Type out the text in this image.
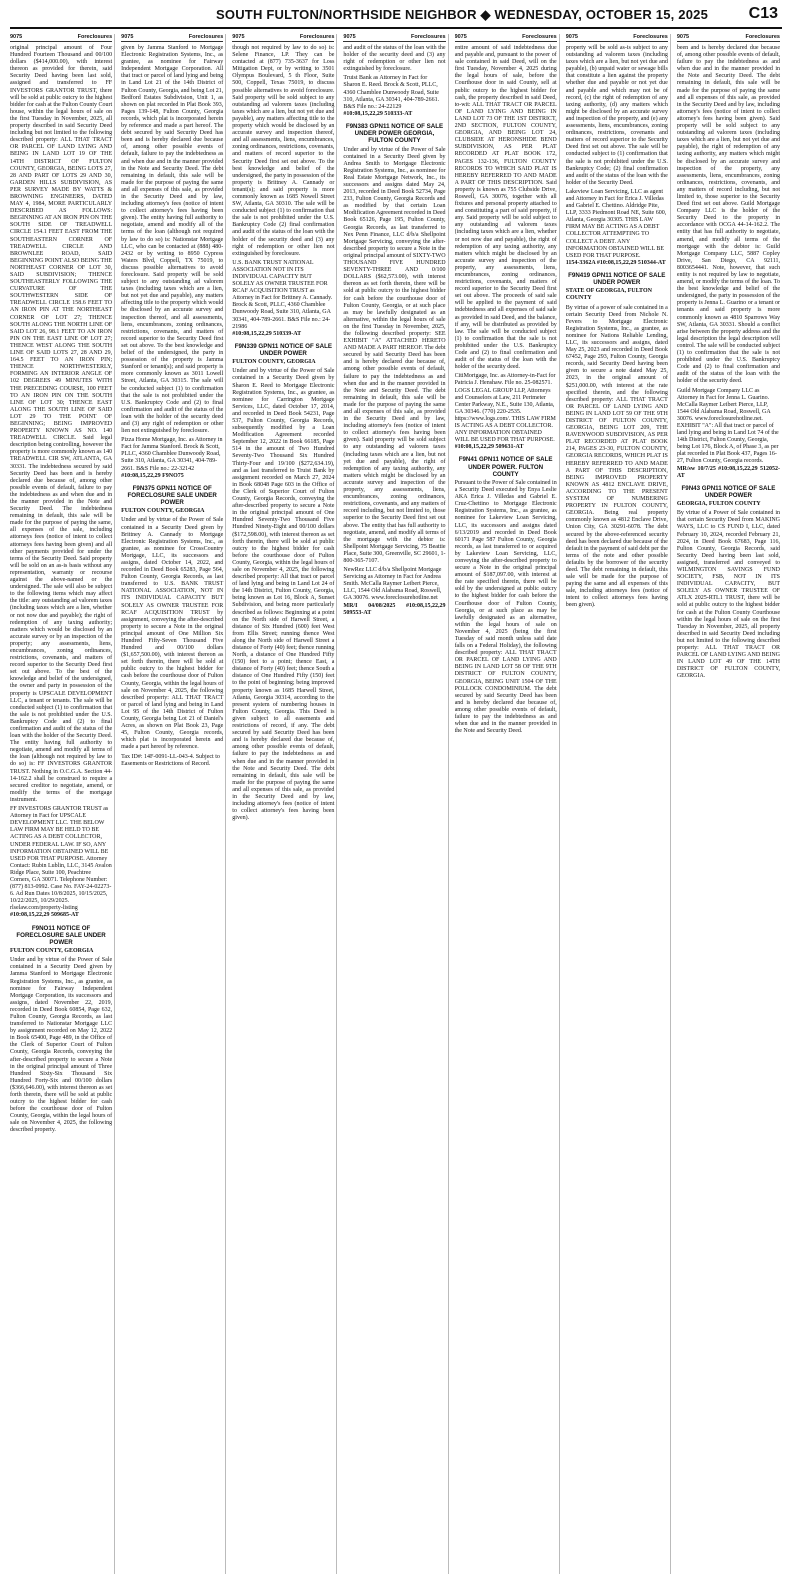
SOUTH FULTON/NORTHSIDE NEIGHBOR ◆ WEDNESDAY, OCTOBER 15, 2025	C13
9075	Foreclosures
original principal amount of Four Hundred Fourteen Thousand and 00/100 dollars ($414,000.00), with interest thereon as provided for therein, said Security Deed having been last sold, assigned and transferred to FF INVESTORS GRANTOR TRUST, there will be sold at public outcry to the highest bidder for cash at the Fulton County Court house, within the legal hours of sale on the first Tuesday in November, 2025, all property described in said Security Deed including but not limited to the following described property: ALL THAT TRACT OR PARCEL OF LAND LYING AND BEING IN LAND LOT 19 OF THE 14TH DISTRICT OF FULTON COUNTY, GEORGIA, BEING LOTS 27, 28 AND PART OF LOTS 29 AND 30, GARDEN HILLS SUBDIVISION, AS PER SURVEY MADE BY WATTS & BROWNING ENGINEERS, DATED MAY 4, 1984, MORE PARTICULARLY DESCRIBED AS FOLLOWS: BEGINNING AT AN IRON PIN ON THE SOUTH SIDE OF TREADWELL CIRCLE 154.1 FEET EAST FROM THE SOUTHEASTERN CORNER OF TREADWELL CIRCLE AND BROWNLEE ROAD, SAID BEGINNING POINT ALSO BEING THE NORTHEAST CORNER OF LOT 30, SAID SUBDIVISION; THENCE SOUTHEASTERLY FOLLOWING THE CURVATURE OF THE SOUTHWESTERN SIDE OF TREADWELL CIRCLE 158.6 FEET TO AN IRON PIN AT THE NORTHEAST CORNER OF LOT 27; THENCE SOUTH ALONG THE NORTH LINE OF SAID LOT 26, 98.1 FEET TO AN IRON PIN ON THE EAST LINE OF LOT 27; THENCE WEST ALONG THE SOUTH LINE OF SAID LOTS 27, 28 AND 29, 164.5 FEET TO AN IRON PIN; THENCE NORTHWESTERLY, FORMING AN INTERIOR ANGLE OF 102 DEGREES 49 MINUTES WITH THE PRECEDING COURSE, 100 FEET TO AN IRON PIN ON THE SOUTH LINE OF LOT 30; THENCE EAST ALONG THE SOUTH LINE OF SAID LOT 29 TO THE POINT OF BEGINNING; BEING IMPROVED PROPERTY KNOWN AS NO. 140 TREADWELL CIRCLE. Said legal description being controlling, however the property is more commonly known as 140 TREADWELL CIR SW, ATLANTA, GA 30331. The indebtedness secured by said Security Deed has been and is hereby declared due because of, among other possible events of default, failure to pay the indebtedness as and when due and in the manner provided in the Note and Security Deed. The indebtedness remaining in default, this sale will be made for the purpose of paying the same, all expenses of the sale, including attorneys fees (notice of intent to collect attorneys fees having been given) and all other payments provided for under the terms of the Security Deed. Said property will be sold on an as-is basis without any representation, warranty or recourse against the above-named or the undersigned. The sale will also be subject to the following items which may affect the title: any outstanding ad valorem taxes (including taxes which are a lien, whether or not now due and payable); the right of redemption of any taxing authority; matters which would be disclosed by an accurate survey or by an inspection of the property; any assessments, liens, encumbrances, zoning ordinances, restrictions, covenants, and matters of record superior to the Security Deed first set out above. To the best of the knowledge and belief of the undersigned, the owner and party in possession of the property is UPSCALE DEVELOPMENT LLC, a tenant or tenants. The sale will be conducted subject (1) to confirmation that the sale is not prohibited under the U.S. Bankruptcy Code and (2) to final confirmation and audit of the status of the loan with the holder of the Security Deed. The entity having full authority to negotiate, amend and modify all terms of the loan (although not required by law to do so) is: FF INVESTORS GRANTOR TRUST. Nothing in O.C.G.A. Section 44-14-162.2 shall be construed to require a secured creditor to negotiate, amend, or modify the terms of the mortgage instrument.
FF INVESTORS GRANTOR TRUST as Attorney in Fact for UPSCALE DEVELOPMENT LLC. THE BELOW LAW FIRM MAY BE HELD TO BE ACTING AS A DEBT COLLECTOR, UNDER FEDERAL LAW. IF SO, ANY INFORMATION OBTAINED WILL BE USED FOR THAT PURPOSE. Attorney Contact: Rubin Lublin, LLC, 3145 Avalon Ridge Place, Suite 100, Peachtree Corners, GA 30071. Telephone Number: (877) 813-0992. Case No. FAY-24-02273-6. Ad Run Dates 10/8/2025, 10/15/2025, 10/22/2025, 10/29/2025. rlselaw.com/property-listing
#10:08,15,22,29 509685-AT
F9NO11 NOTICE OF FORECLOSURE SALE UNDER POWER
FULTON COUNTY, GEORGIA
Under and by virtue of the Power of Sale contained in a Security Deed given by Jamma Stanford to Mortgage Electronic Registration Systems, Inc., as grantee, as nominee for Fairway Independent Mortgage Corporation, its successors and assigns, dated November 22, 2019, recorded in Deed Book 60854, Page 632, Fulton County, Georgia Records, as last transferred to Nationstar Mortgage LLC by assignment recorded on May 12, 2022 in Book 65400, Page 489, in the Office of the Clerk of Superior Court of Fulton County, Georgia Records, conveying the after-described property to secure a Note in the original principal amount of Three Hundred Sixty-Six Thousand Six Hundred Forty-Six and 00/100 dollars ($366,646.00), with interest thereon as set forth therein, there will be sold at public outcry to the highest bidder for cash before the courthouse door of Fulton County, Georgia, within the legal hours of sale on November 4, 2025, the following described property.
9075	Foreclosures
given by Jamma Stanford to Mortgage Electronic Registration Systems, Inc., as grantee, as nominee for Fairway Independent Mortgage Corporation. All that tract or parcel of land lying and being in Land Lot 21 of the 14th District of Fulton County, Georgia, and being Lot 21, Bedford Estates Subdivision, Unit 1, as shown on plat recorded in Plat Book 393, Pages 139-148, Fulton County, Georgia records, which plat is incorporated herein by reference and made a part hereof. The debt secured by said Security Deed has been and is hereby declared due because of, among other possible events of default, failure to pay the indebtedness as and when due and in the manner provided in the Note and Security Deed. The debt remaining in default, this sale will be made for the purpose of paying the same and all expenses of this sale, as provided in the Security Deed and by law, including attorney's fees (notice of intent to collect attorney's fees having been given). The entity having full authority to negotiate, amend and modify all of the terms of the loan (although not required by law to do so) is: Nationstar Mortgage LLC, who can be contacted at (888) 480-2432 or by writing to 8950 Cypress Waters Blvd, Coppell, TX 75019, to discuss possible alternatives to avoid foreclosure. Said property will be sold subject to any outstanding ad valorem taxes (including taxes which are a lien, but not yet due and payable), any matters affecting title to the property which would be disclosed by an accurate survey and inspection thereof, and all assessments, liens, encumbrances, zoning ordinances, restrictions, covenants, and matters of record superior to the Security Deed first set out above. To the best knowledge and belief of the undersigned, the party in possession of the property is Jamma Stanford or tenant(s); and said property is more commonly known as 3011 Lowell Street, Atlanta, GA 30315. The sale will be conducted subject (1) to confirmation that the sale is not prohibited under the U.S. Bankruptcy Code and (2) to final confirmation and audit of the status of the loan with the holder of the security deed and (3) any right of redemption or other lien not extinguished by foreclosure.
Pizza Home Mortgage, Inc. as Attorney in Fact for Jamma Stanford. Brock & Scott, PLLC, 4360 Chamblee Dunwoody Road, Suite 310, Atlanta, GA 30341, 404-789-2661. B&S File no.: 22-32142
#10:08,15,22,29 F9NO75
F9N375 GPN11 NOTICE OF FORECLOSURE SALE UNDER POWER
FULTON COUNTY, GEORGIA
Under and by virtue of the Power of Sale contained in a Security Deed given by Brittney A. Cannady to Mortgage Electronic Registration Systems, Inc., as grantee, as nominee for CrossCountry Mortgage, LLC, its successors and assigns, dated October 14, 2022, and recorded in Deed Book 65283, Page 564, Fulton County, Georgia Records, as last transferred to U.S. BANK TRUST NATIONAL ASSOCIATION, NOT IN ITS INDIVIDUAL CAPACITY BUT SOLELY AS OWNER TRUSTEE FOR RCAF ACQUISITION TRUST by assignment, conveying the after-described property to secure a Note in the original principal amount of One Million Six Hundred Fifty-Seven Thousand Five Hundred and 00/100 dollars ($1,657,500.00), with interest thereon as set forth therein, there will be sold at public outcry to the highest bidder for cash before the courthouse door of Fulton County, Georgia, within the legal hours of sale on November 4, 2025, the following described property: ALL THAT TRACT or parcel of land lying and being in Land Lot 95 of the 14th District of Fulton County, Georgia being Lot 21 of Daniel's Acres, as shown on Plat Book 23, Page 45, Fulton County, Georgia records, which plat is incorporated herein and made a part hereof by reference.
Tax ID#: 14F-0091-LL-043-4. Subject to Easements or Restrictions of Record.
9075	Foreclosures
though not required by law to do so) is: Selene Finance, LP. They can be contacted at (877) 735-3637 for Loss Mitigation Dept, or by writing to 3501 Olympus Boulevard, 5 th Floor, Suite 500, Coppell, Texas 75019, to discuss possible alternatives to avoid foreclosure. Said property will be sold subject to any outstanding ad valorem taxes (including taxes which are a lien, but not yet due and payable), any matters affecting title to the property which would be disclosed by an accurate survey and inspection thereof, and all assessments, liens, encumbrances, zoning ordinances, restrictions, covenants, and matters of record superior to the Security Deed first set out above. To the best knowledge and belief of the undersigned, the party in possession of the property is Brittney A. Cannady or tenant(s); and said property is more commonly known as 1685 Nowell Street SW, Atlanta, GA 30310. The sale will be conducted subject (1) to confirmation that the sale is not prohibited under the U.S. Bankruptcy Code (2) final confirmation and audit of the status of the loan with the holder of the security deed and (3) any right of redemption or other lien not extinguished by foreclosure.
U.S. BANK TRUST NATIONAL ASSOCIATION NOT IN ITS INDIVIDUAL CAPACITY BUT SOLELY AS OWNER TRUSTEE FOR RCAF ACQUISITION TRUST as Attorney in Fact for Brittney A. Cannady. Brock & Scott, PLLC, 4360 Chamblee Dunwoody Road, Suite 310, Atlanta, GA 30341, 404-789-2661. B&S File no.: 24-21986
#10:08,15,22,29 510339-AT
F9N339 GPN11 NOTICE OF SALE UNDER POWER
FULTON COUNTY, GEORGIA
Under and by virtue of the Power of Sale contained in a Security Deed given by Sharon E. Reed to Mortgage Electronic Registration Systems, Inc., as grantee, as nominee for Carrington Mortgage Services, LLC, dated October 17, 2014, and recorded in Deed Book 54231, Page 537, Fulton County, Georgia Records, subsequently modified by a Loan Modification Agreement recorded September 12, 2022 in Book 66185, Page 514 in the amount of Two Hundred Seventy-Two Thousand Six Hundred Thirty-Four and 19/100 ($272,634.19), and as last transferred to Truist Bank by assignment recorded on March 27, 2024 in Book 68048 Page 603 in the Office of the Clerk of Superior Court of Fulton County, Georgia Records, conveying the after-described property to secure a Note in the original principal amount of One Hundred Seventy-Two Thousand Five Hundred Ninety-Eight and 00/100 dollars ($172,598.00), with interest thereon as set forth therein, there will be sold at public outcry to the highest bidder for cash before the courthouse door of Fulton County, Georgia, within the legal hours of sale on November 4, 2025, the following described property: All that tract or parcel of land lying and being in Land Lot 24 of the 14th District, Fulton County, Georgia, being known as Lot 16, Block A, Sunset Subdivision, and being more particularly described as follows: Beginning at a point on the North side of Harwell Street, a distance of Six Hundred (600) feet West from Ellis Street; running thence West along the North side of Harwell Street a distance of Forty (40) feet; thence running North, a distance of One Hundred Fifty (150) feet to a point; thence East, a distance of Forty (40) feet; thence South a distance of One Hundred Fifty (150) feet to the point of beginning; being improved property known as 1685 Harwell Street, Atlanta, Georgia 30314, according to the present system of numbering houses in Fulton County, Georgia. This Deed is given subject to all easements and restrictions of record, if any. The debt secured by said Security Deed has been and is hereby declared due because of, among other possible events of default, failure to pay the indebtedness as and when due and in the manner provided in the Note and Security Deed. The debt remaining in default, this sale will be made for the purpose of paying the same and all expenses of this sale, as provided in the Security Deed and by law, including attorney's fees (notice of intent to collect attorney's fees having been given).
9075	Foreclosures
and audit of the status of the loan with the holder of the security deed and (3) any right of redemption or other lien not extinguished by foreclosure.
Truist Bank as Attorney in Fact for Sharon E. Reed. Brock & Scott, PLLC, 4360 Chamblee Dunwoody Road, Suite 310, Atlanta, GA 30341, 404-789-2661. B&S File no.: 24-22129
#10:08,15,22,29 510333-AT
F9N383 GPN11 NOTICE OF SALE UNDER POWER GEORGIA, FULTON COUNTY
Under and by virtue of the Power of Sale contained in a Security Deed given by Andrea Smith to Mortgage Electronic Registration Systems, Inc., as nominee for Real Estate Mortgage Network, Inc., its successors and assigns dated May 24, 2013, recorded in Deed Book 52734, Page 233, Fulton County, Georgia Records and as modified by that certain Loan Modification Agreement recorded in Deed Book 65126, Page 195, Fulton County, Georgia Records, as last transferred to Nex Penn Finance, LLC d/b/a Shellpoint Mortgage Servicing, conveying the after-described property to secure a Note in the original principal amount of SIXTY-TWO THOUSAND FIVE HUNDRED SEVENTY-THREE AND 0/100 DOLLARS ($62,573.00), with interest thereon as set forth therein, there will be sold at public outcry to the highest bidder for cash before the courthouse door of Fulton County, Georgia, or at such place as may be lawfully designated as an alternative, within the legal hours of sale on the first Tuesday in November, 2025, the following described property: SEE EXHIBIT "A" ATTACHED HERETO AND MADE A PART HEREOF. The debt secured by said Security Deed has been and is hereby declared due because of, among other possible events of default, failure to pay the indebtedness as and when due and in the manner provided in the Note and Security Deed. The debt remaining in default, this sale will be made for the purpose of paying the same and all expenses of this sale, as provided in the Security Deed and by law, including attorney's fees (notice of intent to collect attorney's fees having been given). Said property will be sold subject to any outstanding ad valorem taxes (including taxes which are a lien, but not yet due and payable), the right of redemption of any taxing authority, any matters which might be disclosed by an accurate survey and inspection of the property, any assessments, liens, encumbrances, zoning ordinances, restrictions, covenants, and any matters of record including, but not limited to, those superior to the Security Deed first set out above. The entity that has full authority to negotiate, amend, and modify all terms of the mortgage with the debtor is: Shellpoint Mortgage Servicing, 75 Beattie Place, Suite 300, Greenville, SC 29601, 1-800-365-7107.
NewRez LLC d/b/a Shellpoint Mortgage Servicing as Attorney in Fact for Andrea Smith. McCalla Raymer Leibert Pierce, LLC, 1544 Old Alabama Road, Roswell, GA 30076. www.foreclosurehotline.net
MR/I 04/08/2025 #10:08,15,22,29 509553-AT
9075	Foreclosures
entire amount of said indebtedness due and payable and, pursuant to the power of sale contained in said Deed, will on the first Tuesday, November 4, 2025 during the legal hours of sale, before the Courthouse door in said County, sell at public outcry to the highest bidder for cash, the property described in said Deed, to-wit: ALL THAT TRACT OR PARCEL OF LAND LYING AND BEING IN LAND LOT 73 OF THE 1ST DISTRICT, 2ND SECTION, FULTON COUNTY, GEORGIA, AND BEING LOT 24, CLUBSIDE AT HERONSHIDE BEND SUBDIVISION, AS PER PLAT RECORDED AT PLAT BOOK 172, PAGES 132-136, FULTON COUNTY RECORDS TO WHICH SAID PLAT IS HEREBY REFERRED TO AND MADE A PART OF THIS DESCRIPTION. Said property is known as 755 Clubside Drive, Roswell, GA 30076, together with all fixtures and personal property attached to and constituting a part of said property, if any. Said property will be sold subject to any outstanding ad valorem taxes (including taxes which are a lien, whether or not now due and payable), the right of redemption of any taxing authority, any matters which might be disclosed by an accurate survey and inspection of the property, any assessments, liens, encumbrances, zoning ordinances, restrictions, covenants, and matters of record superior to the Security Deed first set out above. The proceeds of said sale will be applied to the payment of said indebtedness and all expenses of said sale as provided in said Deed, and the balance, if any, will be distributed as provided by law. The sale will be conducted subject (1) to confirmation that the sale is not prohibited under the U.S. Bankruptcy Code and (2) to final confirmation and audit of the status of the loan with the holder of the security deed.
CitiMortgage, Inc. as Attorney-in-Fact for Patricia J. Henshaw. File no. 25-082571. LOGS LEGAL GROUP LLP, Attorneys and Counselors at Law, 211 Perimeter Center Parkway, N.E., Suite 130, Atlanta, GA 30346. (770) 220-2535. https://www.logs.com/. THIS LAW FIRM IS ACTING AS A DEBT COLLECTOR. ANY INFORMATION OBTAINED WILL BE USED FOR THAT PURPOSE.
#10:08,15,22,29 509631-AT
F9N41 GPN11 NOTICE OF SALE UNDER POWER. FULTON COUNTY
Pursuant to the Power of Sale contained in a Security Deed executed by Enya Leslie AKA Erica J. Villedas and Gabriel E. Cruz-Chettino to Mortgage Electronic Registration Systems, Inc., as grantee, as nominee for Lakeview Loan Servicing, LLC, its successors and assigns dated 6/13/2019 and recorded in Deed Book 60171 Page 587 Fulton County, Georgia records, as last transferred to or acquired by Lakeview Loan Servicing, LLC, conveying the after-described property to secure a Note in the original principal amount of $187,097.00, with interest at the rate specified therein, there will be sold by the undersigned at public outcry to the highest bidder for cash before the Courthouse door of Fulton County, Georgia, or at such place as may be lawfully designated as an alternative, within the legal hours of sale on November 4, 2025 (being the first Tuesday of said month unless said date falls on a Federal Holiday), the following described property: ALL THAT TRACT OR PARCEL OF LAND LYING AND BEING IN LAND LOT 58 OF THE 9TH DISTRICT OF FULTON COUNTY, GEORGIA, BEING UNIT 1504 OF THE POLLOCK CONDOMINIUM. The debt secured by said Security Deed has been and is hereby declared due because of, among other possible events of default, failure to pay the indebtedness as and when due and in the manner provided in the Note and Security Deed.
9075	Foreclosures
property will be sold as-is subject to any outstanding ad valorem taxes (including taxes which are a lien, but not yet due and payable), (b) unpaid water or sewage bills that constitute a lien against the property whether due and payable or not yet due and payable and which may not be of record, (c) the right of redemption of any taxing authority, (d) any matters which might be disclosed by an accurate survey and inspection of the property, and (e) any assessments, liens, encumbrances, zoning ordinances, restrictions, covenants and matters of record superior to the Security Deed first set out above. The sale will be conducted subject to (1) confirmation that the sale is not prohibited under the U.S. Bankruptcy Code; (2) final confirmation and audit of the status of the loan with the holder of the Security Deed.
Lakeview Loan Servicing, LLC as agent and Attorney in Fact for Erica J. Villedas and Gabriel E. Chettino. Aldridge Pite, LLP, 3333 Piedmont Road NE, Suite 600, Atlanta, Georgia 30305. THIS LAW FIRM MAY BE ACTING AS A DEBT COLLECTOR ATTEMPTING TO COLLECT A DEBT. ANY INFORMATION OBTAINED WILL BE USED FOR THAT PURPOSE.
1154-3362A #10:08,15,22,29 510344-AT
F9N419 GPN11 NOTICE OF SALE UNDER POWER
STATE OF GEORGIA, FULTON COUNTY
By virtue of a power of sale contained in a certain Security Deed from Nichole N. Fevers to Mortgage Electronic Registration Systems, Inc., as grantee, as nominee for Nations Reliable Lending, LLC, its successors and assigns, dated May 25, 2023 and recorded in Deed Book 67452, Page 293, Fulton County, Georgia records, said Security Deed having been given to secure a note dated May 25, 2023, in the original amount of $251,000.00, with interest at the rate specified therein, and the following described property: ALL THAT TRACT OR PARCEL OF LAND LYING AND BEING IN LAND LOT 59 OF THE 9TH DISTRICT OF FULTON COUNTY, GEORGIA, BEING LOT 209, THE RAVENWOOD SUBDIVISION, AS PER PLAT RECORDED AT PLAT BOOK 214, PAGES 23-30, FULTON COUNTY, GEORGIA RECORDS, WHICH PLAT IS HEREBY REFERRED TO AND MADE A PART OF THIS DESCRIPTION, BEING IMPROVED PROPERTY KNOWN AS 4812 ENCLAVE DRIVE, ACCORDING TO THE PRESENT SYSTEM OF NUMBERING PROPERTY IN FULTON COUNTY, GEORGIA. Being real property commonly known as 4812 Enclave Drive, Union City, GA 30291-6078. The debt secured by the above-referenced security deed has been declared due because of the default in the payment of said debt per the terms of the note and other possible defaults by the borrower of the security deed. The debt remaining in default, this sale will be made for the purpose of paying the same and all expenses of this sale, including attorneys fees (notice of intent to collect attorneys fees having been given).
9075	Foreclosures
been and is hereby declared due because of, among other possible events of default, failure to pay the indebtedness as and when due and in the manner provided in the Note and Security Deed. The debt remaining in default, this sale will be made for the purpose of paying the same and all expenses of this sale, as provided in the Security Deed and by law, including attorney's fees (notice of intent to collect attorney's fees having been given). Said property will be sold subject to any outstanding ad valorem taxes (including taxes which are a lien, but not yet due and payable), the right of redemption of any taxing authority, any matters which might be disclosed by an accurate survey and inspection of the property, any assessments, liens, encumbrances, zoning ordinances, restrictions, covenants, and any matters of record including, but not limited to, those superior to the Security Deed first set out above. Guild Mortgage Company LLC is the holder of the Security Deed to the property in accordance with OCGA 44-14-162.2. The entity that has full authority to negotiate, amend, and modify all terms of the mortgage with the debtor is: Guild Mortgage Company LLC, 5887 Copley Drive, San Diego, CA 92111, 8003654441. Note, however, that such entity is not required by law to negotiate, amend, or modify the terms of the loan. To the best knowledge and belief of the undersigned, the party in possession of the property is Jenna L. Guarino or a tenant or tenants and said property is more commonly known as 4810 Sparrows Way SW, Atlanta, GA 30331. Should a conflict arise between the property address and the legal description the legal description will control. The sale will be conducted subject (1) to confirmation that the sale is not prohibited under the U.S. Bankruptcy Code and (2) to final confirmation and audit of the status of the loan with the holder of the security deed.
Guild Mortgage Company LLC as Attorney in Fact for Jenna L. Guarino. McCalla Raymer Leibert Pierce, LLP, 1544 Old Alabama Road, Roswell, GA 30076. www.foreclosurehotline.net. EXHIBIT "A": All that tract or parcel of land lying and being in Land Lot 74 of the 14th District, Fulton County, Georgia, being Lot 176, Block A, of Phase 3, as per plat recorded in Plat Book 437, Pages 16-27, Fulton County, Georgia records.
MR/sw 10/7/25 #10:08,15,22,29 512052-AT
F9N43 GPN11 NOTICE OF SALE UNDER POWER
GEORGIA, FULTON COUNTY
By virtue of a Power of Sale contained in that certain Security Deed from MAKING WAYS, LLC to CS FUND I, LLC, dated February 10, 2024, recorded February 21, 2024, in Deed Book 67683, Page 116, Fulton County, Georgia Records, said Security Deed having been last sold, assigned, transferred and conveyed to WILMINGTON SAVINGS FUND SOCIETY, FSB, NOT IN ITS INDIVIDUAL CAPACITY, BUT SOLELY AS OWNER TRUSTEE OF ATLX 2025-RTL1 TRUST, there will be sold at public outcry to the highest bidder for cash at the Fulton County Courthouse within the legal hours of sale on the first Tuesday in November, 2025, all property described in said Security Deed including but not limited to the following described property: ALL THAT TRACT OR PARCEL OF LAND LYING AND BEING IN LAND LOT 49 OF THE 14TH DISTRICT OF FULTON COUNTY, GEORGIA.
